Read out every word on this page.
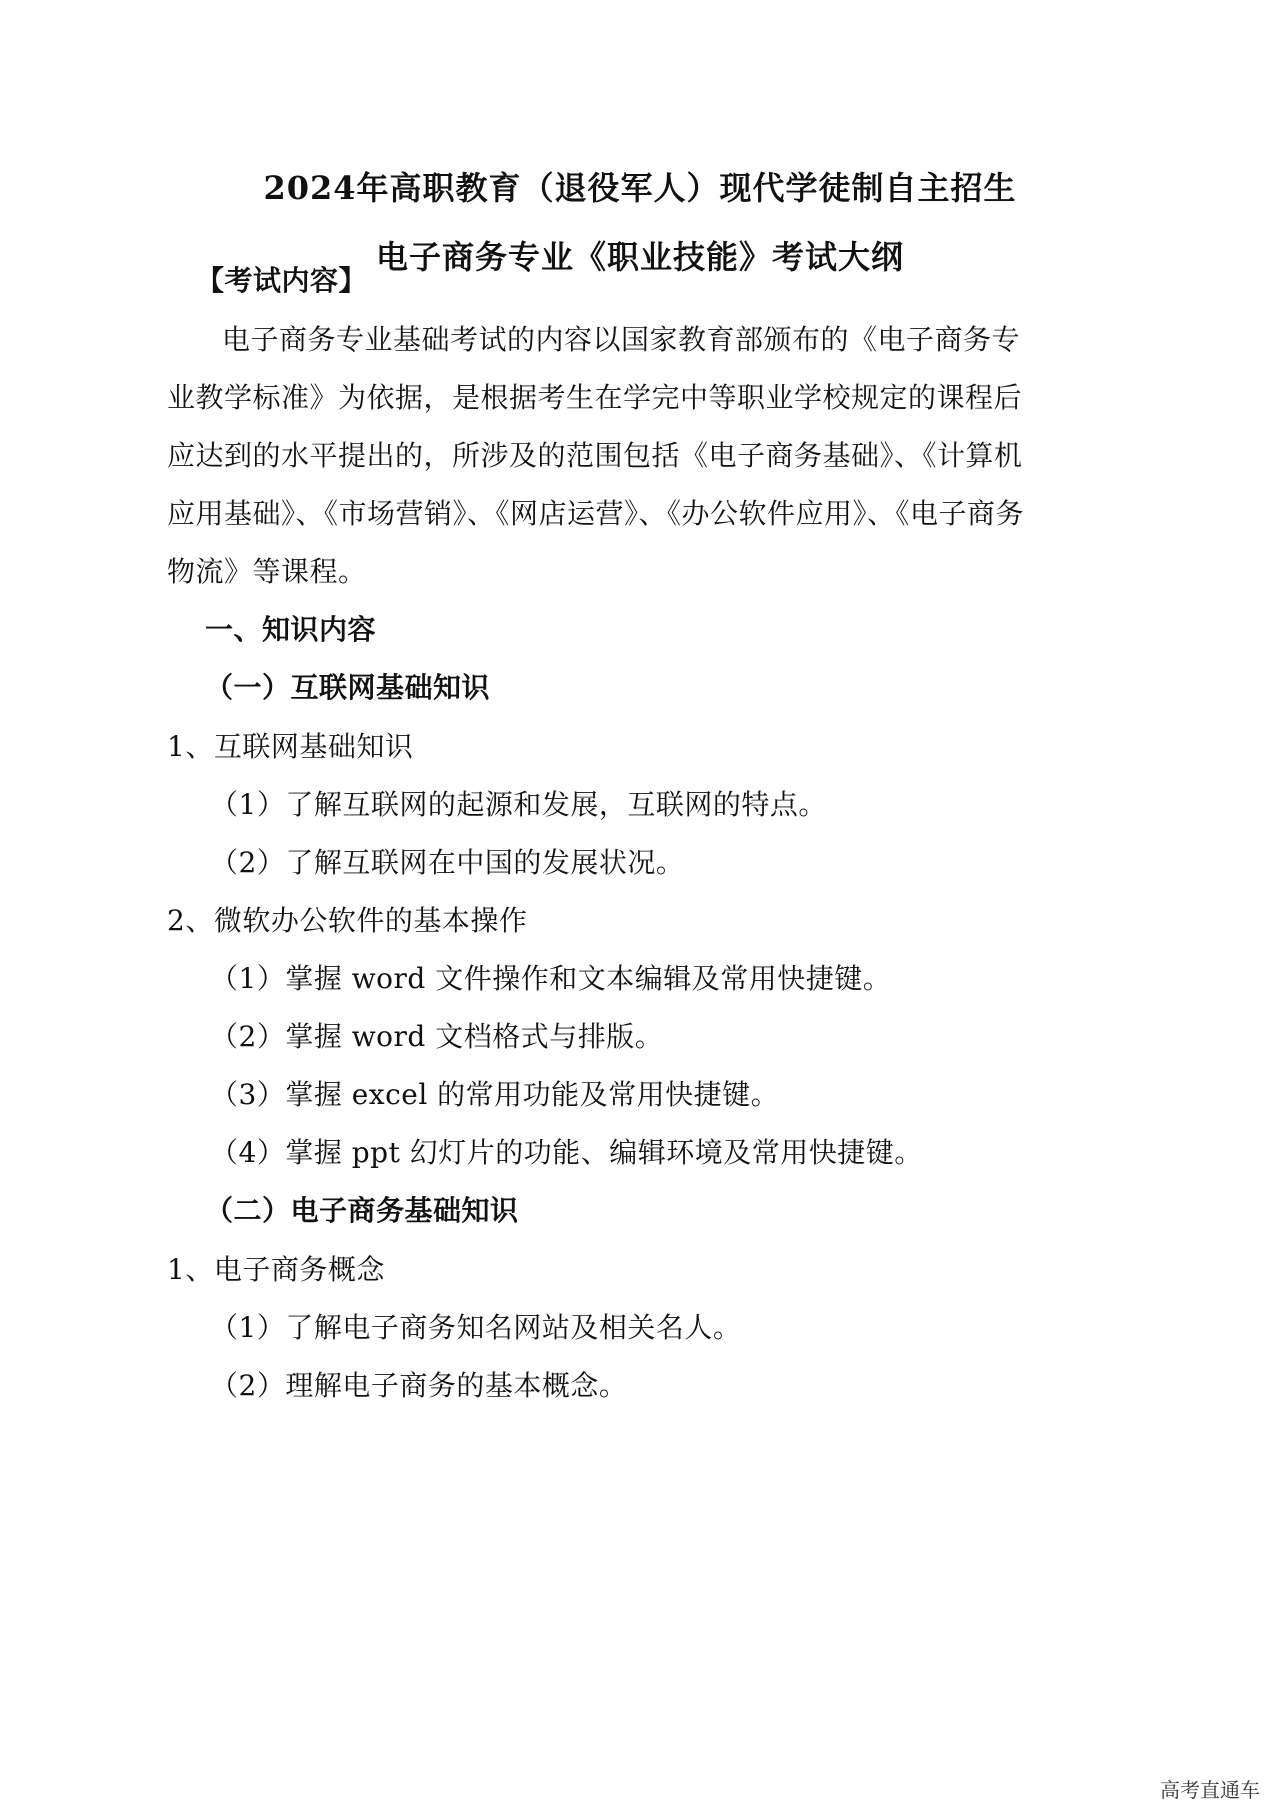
2024年高职教育（退役军人）现代学徒制自主招生
电子商务专业《职业技能》考试大纲
【考试内容】
电子商务专业基础考试的内容以国家教育部颁布的《电子商务专
业教学标准》为依据，是根据考生在学完中等职业学校规定的课程后
应达到的水平提出的，所涉及的范围包括《电子商务基础》、《计算机
应用基础》、《市场营销》、《网店运营》、《办公软件应用》、《电子商务
物流》等课程。
一、知识内容
（一）互联网基础知识
1、互联网基础知识
（1）了解互联网的起源和发展，互联网的特点。
（2）了解互联网在中国的发展状况。
2、微软办公软件的基本操作
（1）掌握 word 文件操作和文本编辑及常用快捷键。
（2）掌握 word 文档格式与排版。
（3）掌握 excel 的常用功能及常用快捷键。
（4）掌握 ppt 幻灯片的功能、编辑环境及常用快捷键。
（二）电子商务基础知识
1、电子商务概念
（1）了解电子商务知名网站及相关名人。
（2）理解电子商务的基本概念。
高考直通车
